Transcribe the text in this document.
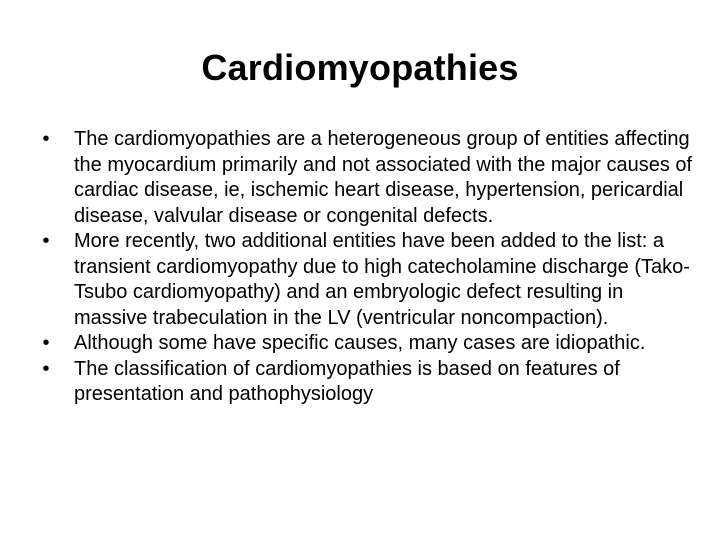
Cardiomyopathies
•	The cardiomyopathies are a heterogeneous group of entities affecting the myocardium primarily and not associated with the major causes of cardiac disease, ie, ischemic heart disease, hypertension, pericardial disease, valvular disease or congenital defects.
•	More recently, two additional entities have been added to the list: a transient cardiomyopathy due to high catecholamine discharge (Tako-Tsubo cardiomyopathy) and an embryologic defect resulting in massive trabeculation in the LV (ventricular noncompaction).
•	Although some have specific causes, many cases are idiopathic.
•	The classification of cardiomyopathies is based on features of presentation and pathophysiology
